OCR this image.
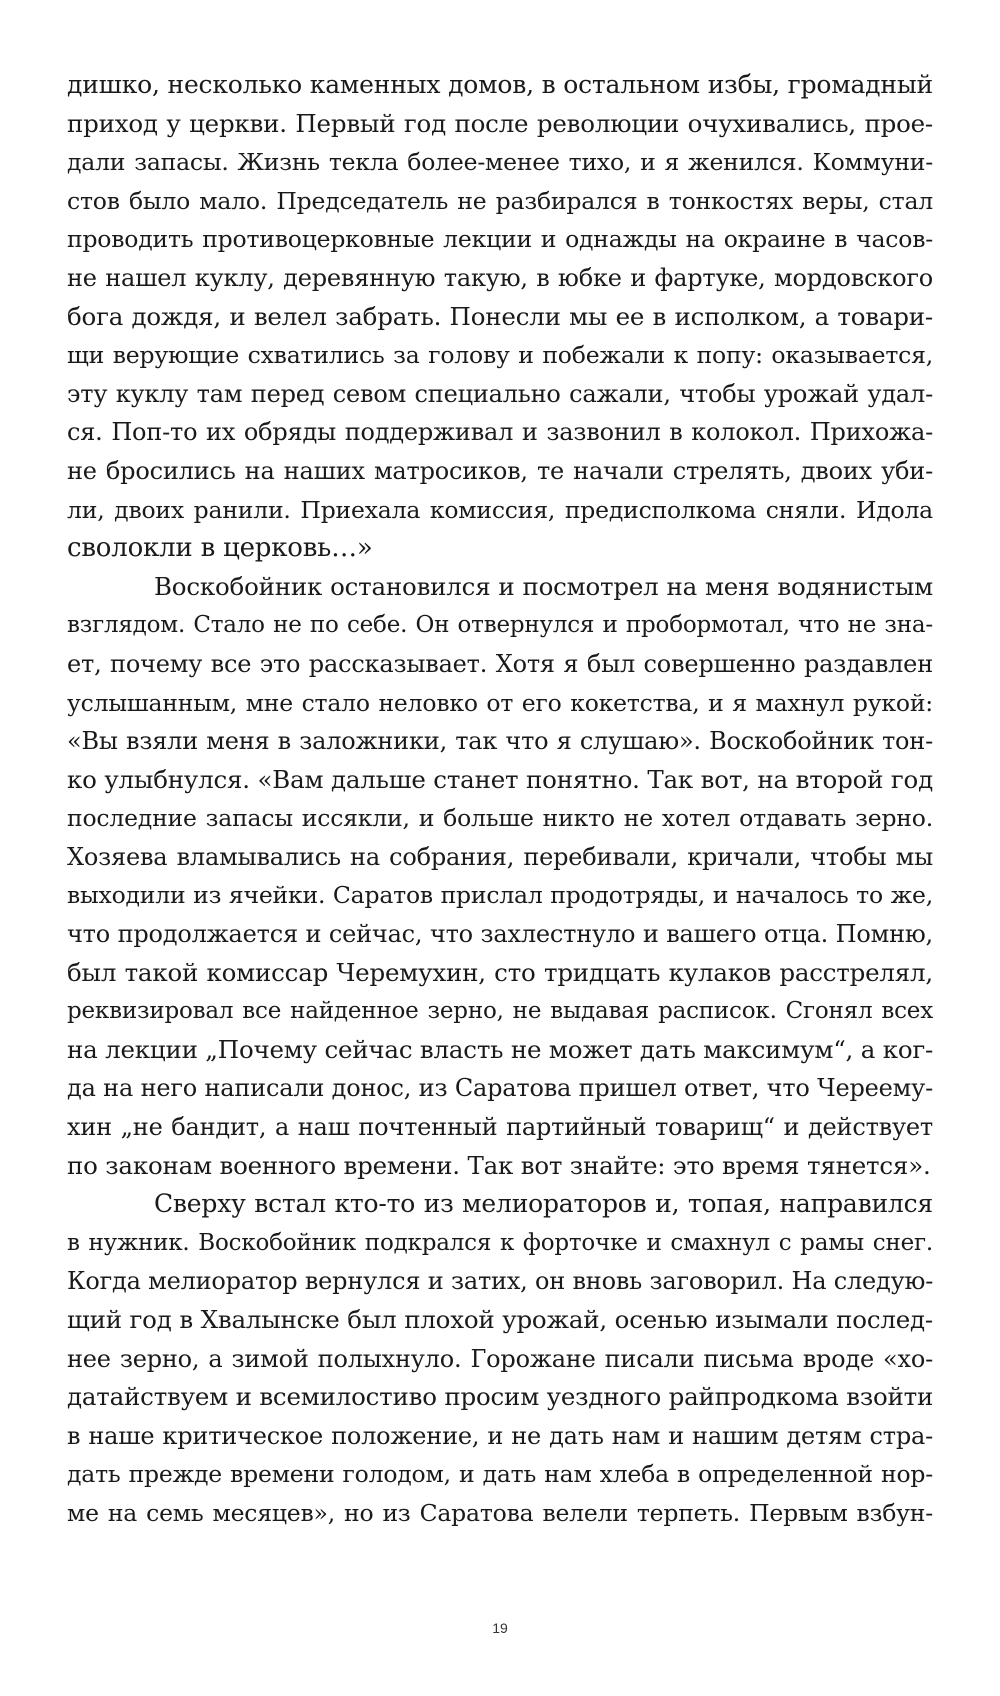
дишко, несколько каменных домов, в остальном избы, громадный
приход у церкви. Первый год после революции очухивались, прое-
дали запасы. Жизнь текла более-менее тихо, и я женился. Коммуни-
стов было мало. Председатель не разбирался в тонкостях веры, стал
проводить противоцерковные лекции и однажды на окраине в часов-
не нашел куклу, деревянную такую, в юбке и фартуке, мордовского
бога дождя, и велел забрать. Понесли мы ее в исполком, а товари-
щи верующие схватились за голову и побежали к попу: оказывается,
эту куклу там перед севом специально сажали, чтобы урожай удал-
ся. Поп-то их обряды поддерживал и зазвонил в колокол. Прихожа-
не бросились на наших матросиков, те начали стрелять, двоих уби-
ли, двоих ранили. Приехала комиссия, предисполкома сняли. Идола
сволокли в церковь…»
Воскобойник остановился и посмотрел на меня водянистым
взглядом. Стало не по себе. Он отвернулся и пробормотал, что не зна-
ет, почему все это рассказывает. Хотя я был совершенно раздавлен
услышанным, мне стало неловко от его кокетства, и я махнул рукой:
«Вы взяли меня в заложники, так что я слушаю». Воскобойник тон-
ко улыбнулся. «Вам дальше станет понятно. Так вот, на второй год
последние запасы иссякли, и больше никто не хотел отдавать зерно.
Хозяева вламывались на собрания, перебивали, кричали, чтобы мы
выходили из ячейки. Саратов прислал продотряды, и началось то же,
что продолжается и сейчас, что захлестнуло и вашего отца. Помню,
был такой комиссар Черемухин, сто тридцать кулаков расстрелял,
реквизировал все найденное зерно, не выдавая расписок. Сгонял всех
на лекции „Почему сейчас власть не может дать максимум“, а ког-
да на него написали донос, из Саратова пришел ответ, что Череему-
хин „не бандит, а наш почтенный партийный товарищ“ и действует
по законам военного времени. Так вот знайте: это время тянется».
Сверху встал кто-то из мелиораторов и, топая, направился
в нужник. Воскобойник подкрался к форточке и смахнул с рамы снег.
Когда мелиоратор вернулся и затих, он вновь заговорил. На следую-
щий год в Хвалынске был плохой урожай, осенью изымали послед-
нее зерно, а зимой полыхнуло. Горожане писали письма вроде «хо-
датайствуем и всемилостиво просим уездного райпродкома взойти
в наше критическое положение, и не дать нам и нашим детям стра-
дать прежде времени голодом, и дать нам хлеба в определенной нор-
ме на семь месяцев», но из Саратова велели терпеть. Первым взбун-
19
